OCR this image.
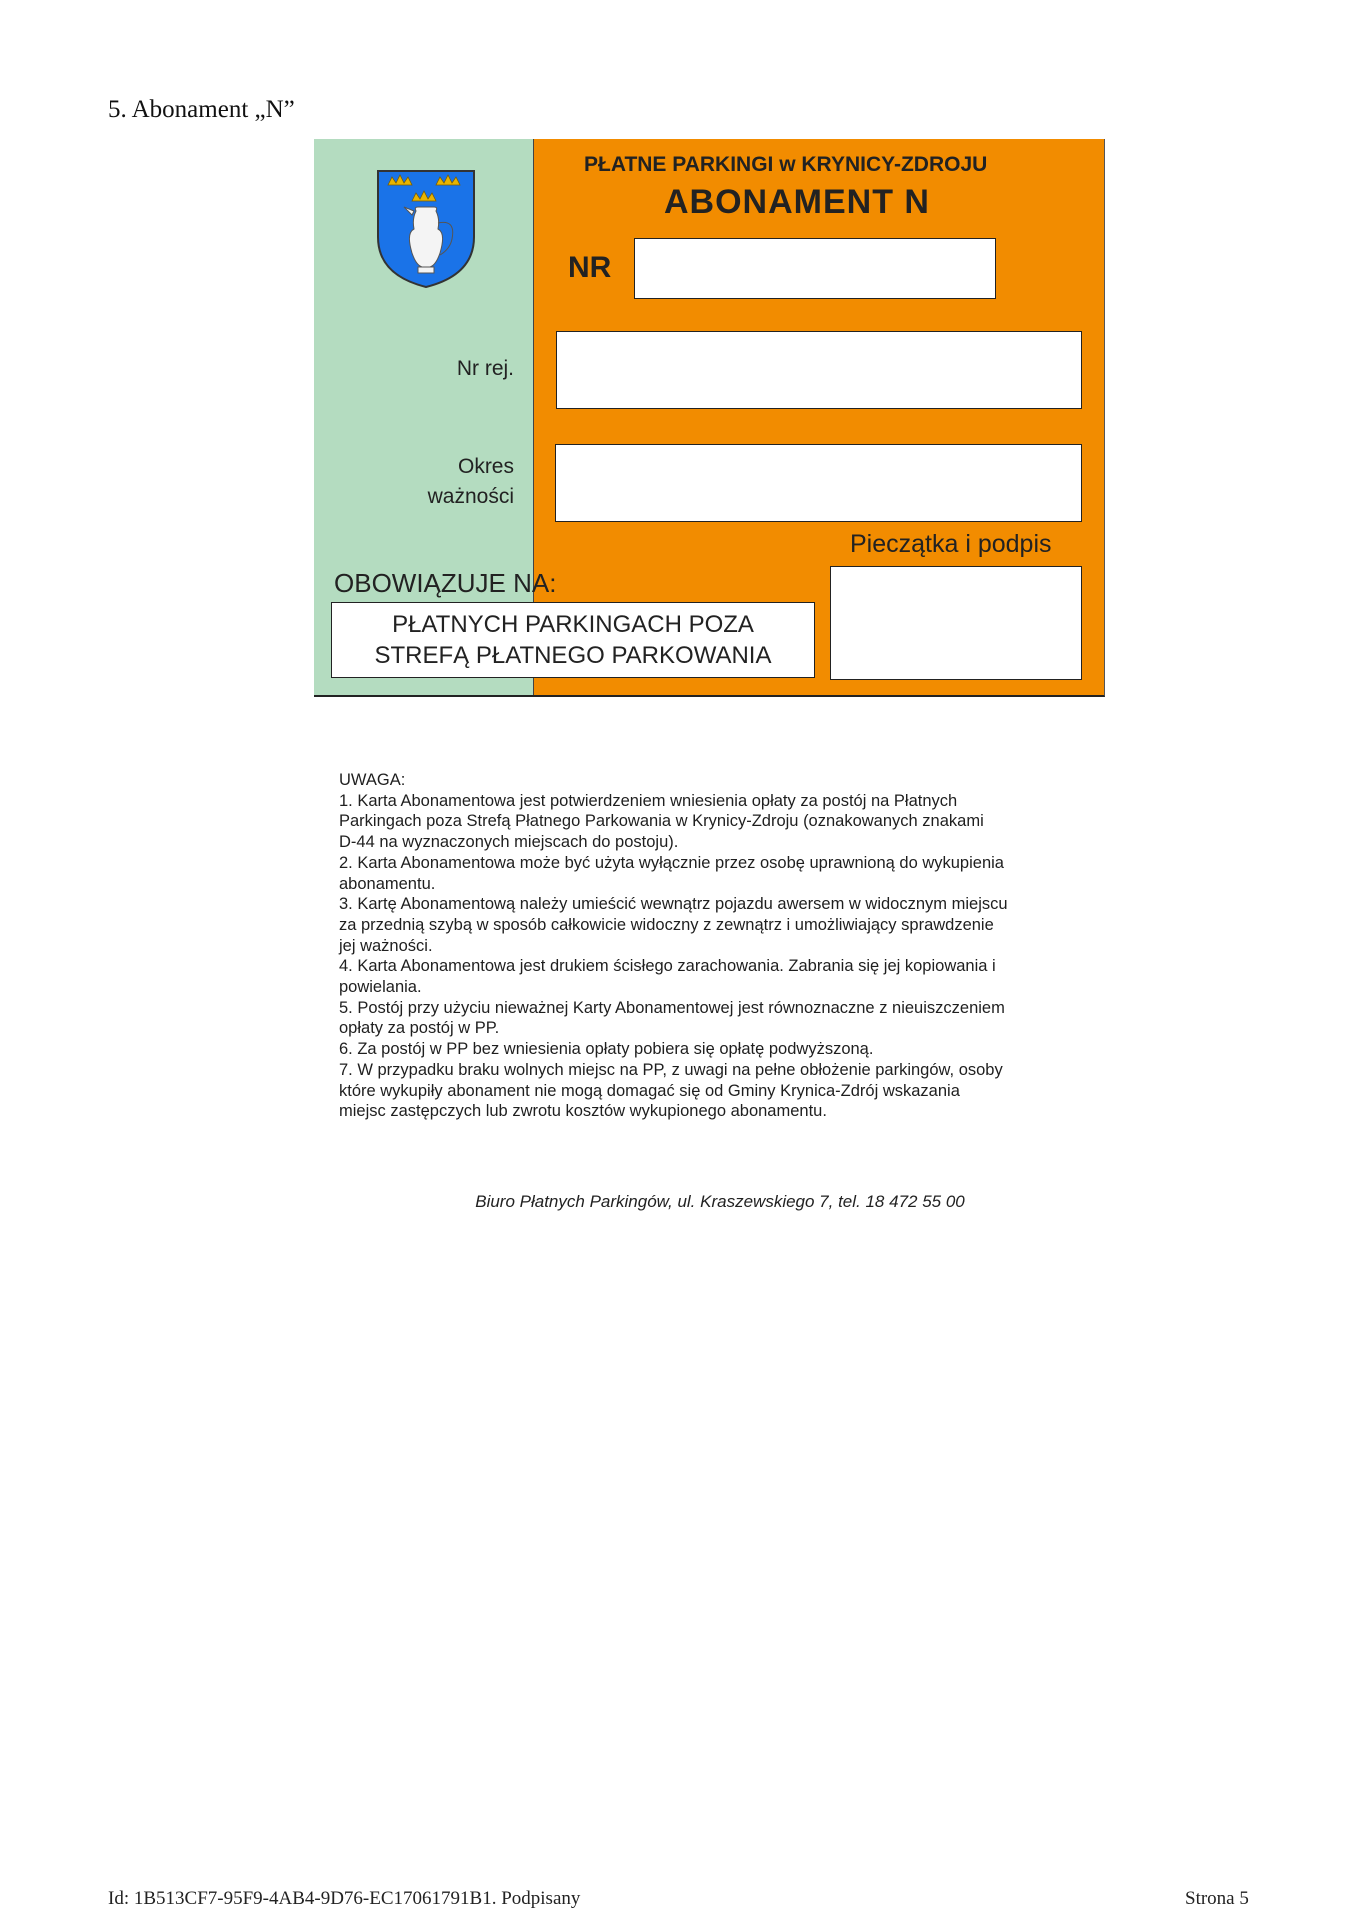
5. Abonament „N”
Nr rej.
Okres
ważności
PŁATNE PARKINGI w KRYNICY-ZDROJU
ABONAMENT N
NR
Pieczątka i podpis
OBOWIĄZUJE NA:
PŁATNYCH PARKINGACH POZA
STREFĄ PŁATNEGO PARKOWANIA
UWAGA:
1. Karta Abonamentowa jest potwierdzeniem wniesienia opłaty za postój na Płatnych
Parkingach poza Strefą Płatnego Parkowania w Krynicy-Zdroju (oznakowanych znakami
D-44 na wyznaczonych miejscach do postoju).
2. Karta Abonamentowa może być użyta wyłącznie przez osobę uprawnioną do wykupienia
abonamentu.
3. Kartę Abonamentową należy umieścić wewnątrz pojazdu awersem w widocznym miejscu
za przednią szybą w sposób całkowicie widoczny z zewnątrz i umożliwiający sprawdzenie
jej ważności.
4. Karta Abonamentowa jest drukiem ścisłego zarachowania. Zabrania się jej kopiowania i
powielania.
5. Postój przy użyciu nieważnej Karty Abonamentowej jest równoznaczne z nieuiszczeniem
opłaty za postój w PP.
6. Za postój w PP bez wniesienia opłaty pobiera się opłatę podwyższoną.
7. W przypadku braku wolnych miejsc na PP, z uwagi na pełne obłożenie parkingów, osoby
które wykupiły abonament nie mogą domagać się od Gminy Krynica-Zdrój wskazania
miejsc zastępczych lub zwrotu kosztów wykupionego abonamentu.
Biuro Płatnych Parkingów, ul. Kraszewskiego 7, tel. 18 472 55 00
Id: 1B513CF7-95F9-4AB4-9D76-EC17061791B1. Podpisany	Strona 5
